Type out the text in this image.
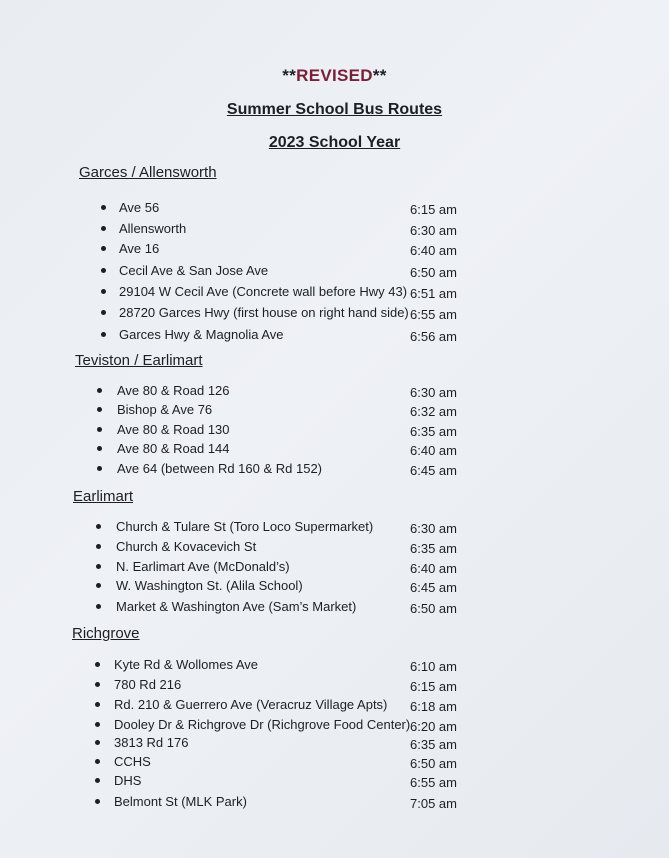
**REVISED**
Summer School Bus Routes
2023 School Year
Garces / Allensworth
Ave 56	6:15 am
Allensworth	6:30 am
Ave 16	6:40 am
Cecil Ave & San Jose Ave	6:50 am
29104 W Cecil Ave (Concrete wall before Hwy 43) 6:51 am
28720 Garces Hwy (first house on right hand side) 6:55 am
Garces Hwy & Magnolia Ave	6:56 am
Teviston / Earlimart
Ave 80 & Road 126	6:30 am
Bishop & Ave 76	6:32 am
Ave 80 & Road 130	6:35 am
Ave 80 & Road 144	6:40 am
Ave 64 (between Rd 160 & Rd 152)	6:45 am
Earlimart
Church & Tulare St (Toro Loco Supermarket)	6:30 am
Church & Kovacevich St	6:35 am
N. Earlimart Ave (McDonald’s)	6:40 am
W. Washington St. (Alila School)	6:45 am
Market & Washington Ave (Sam’s Market)	6:50 am
Richgrove
Kyte Rd & Wollomes Ave	6:10 am
780 Rd 216	6:15 am
Rd. 210 & Guerrero Ave (Veracruz Village Apts) 6:18 am
Dooley Dr & Richgrove Dr (Richgrove Food Center) 6:20 am
3813 Rd 176	6:35 am
CCHS	6:50 am
DHS	6:55 am
Belmont St (MLK Park)	7:05 am
